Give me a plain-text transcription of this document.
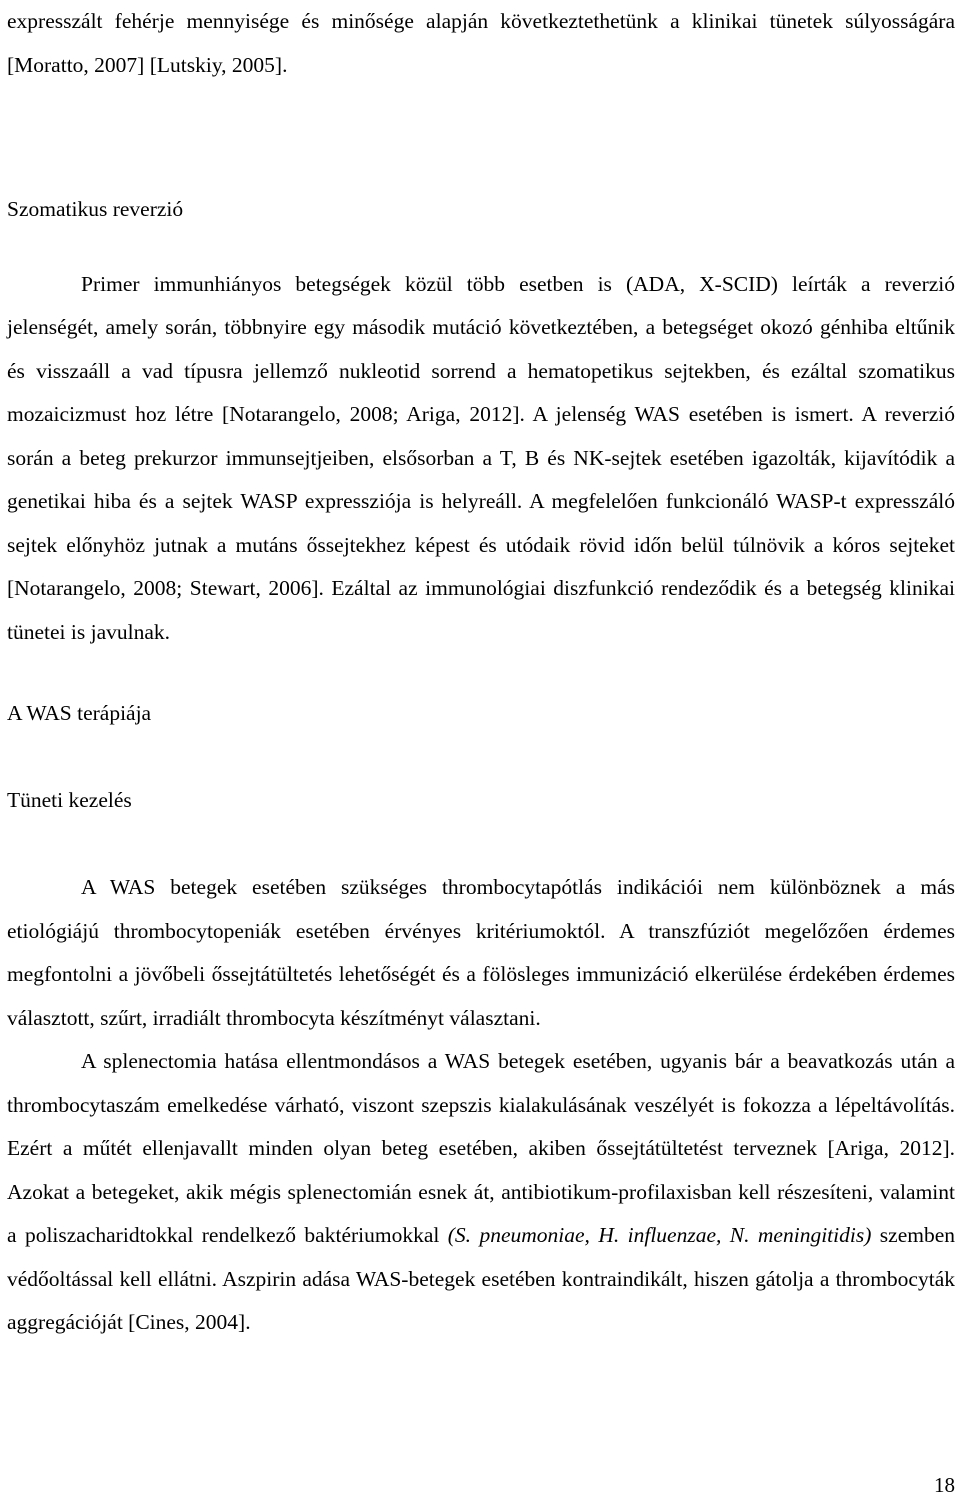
expresszált fehérje mennyisége és minősége alapján következtethetünk a klinikai tünetek súlyosságára [Moratto, 2007] [Lutskiy, 2005].

Szomatikus reverzió

Primer immunhiányos betegségek közül több esetben is (ADA, X-SCID) leírták a reverzió jelenségét, amely során, többnyire egy második mutáció következtében, a betegséget okozó génhiba eltűnik és visszaáll a vad típusra jellemző nukleotid sorrend a hematopetikus sejtekben, és ezáltal szomatikus mozaicizmust hoz létre [Notarangelo, 2008; Ariga, 2012]. A jelenség WAS esetében is ismert. A reverzió során a beteg prekurzor immunsejtjeiben, elsősorban a T, B és NK-sejtek esetében igazolták, kijavítódik a genetikai hiba és a sejtek WASP expressziója is helyreáll. A megfelelően funkcionáló WASP-t expresszáló sejtek előnyhöz jutnak a mutáns őssejtekhez képest és utódaik rövid időn belül túlnövik a kóros sejteket [Notarangelo, 2008; Stewart, 2006]. Ezáltal az immunológiai diszfunkció rendeződik és a betegség klinikai tünetei is javulnak.

A WAS terápiája
Tüneti kezelés

A WAS betegek esetében szükséges thrombocytapótlás indikációi nem különböznek a más etiológiájú thrombocytopeniák esetében érvényes kritériumoktól. A transzfúziót megelőzően érdemes megfontolni a jövőbeli őssejtátültetés lehetőségét és a fölösleges immunizáció elkerülése érdekében érdemes választott, szűrt, irradiált thrombocyta készítményt választani.

A splenectomia hatása ellentmondásos a WAS betegek esetében, ugyanis bár a beavatkozás után a thrombocytaszám emelkedése várható, viszont szepszis kialakulásának veszélyét is fokozza a lépeltávolítás. Ezért a műtét ellenjavallt minden olyan beteg esetében, akiben őssejtátültetést terveznek [Ariga, 2012]. Azokat a betegeket, akik mégis splenectomián esnek át, antibiotikum-profilaxisban kell részesíteni, valamint a poliszacharidtokkal rendelkező baktériumokkal (S. pneumoniae, H. influenzae, N. meningitidis) szemben védőoltással kell ellátni. Aszpirin adása WAS-betegek esetében kontraindikált, hiszen gátolja a thrombocyták aggregációját [Cines, 2004].

18
